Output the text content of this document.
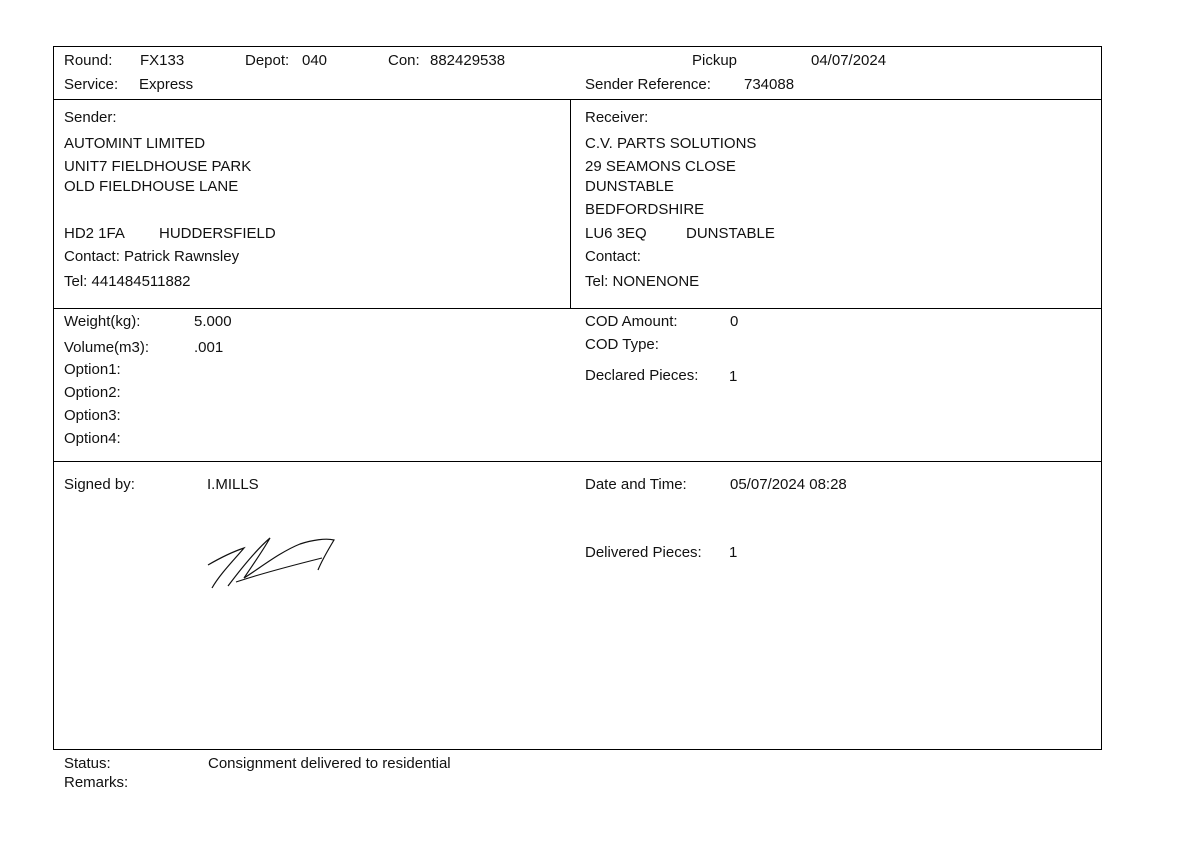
Round: FX133	Depot: 040	Con: 882429538	Pickup	04/07/2024
Service: Express	Sender Reference: 734088
Sender:
AUTOMINT LIMITED
UNIT7 FIELDHOUSE PARK
OLD FIELDHOUSE LANE
HD2 1FA HUDDERSFIELD
Contact: Patrick Rawnsley
Tel: 441484511882
Receiver:
C.V. PARTS SOLUTIONS
29 SEAMONS CLOSE
DUNSTABLE
BEDFORDSHIRE
LU6 3EQ	DUNSTABLE
Contact:
Tel: NONENONE
Weight(kg):	5.000
Volume(m3):	.001
Option1:
Option2:
Option3:
Option4:
COD Amount:	0
COD Type:
Declared Pieces: 1
Signed by:	I.MILLS	Date and Time:	05/07/2024 08:28
Delivered Pieces: 1
Status:	Consignment delivered to residential
Remarks:
